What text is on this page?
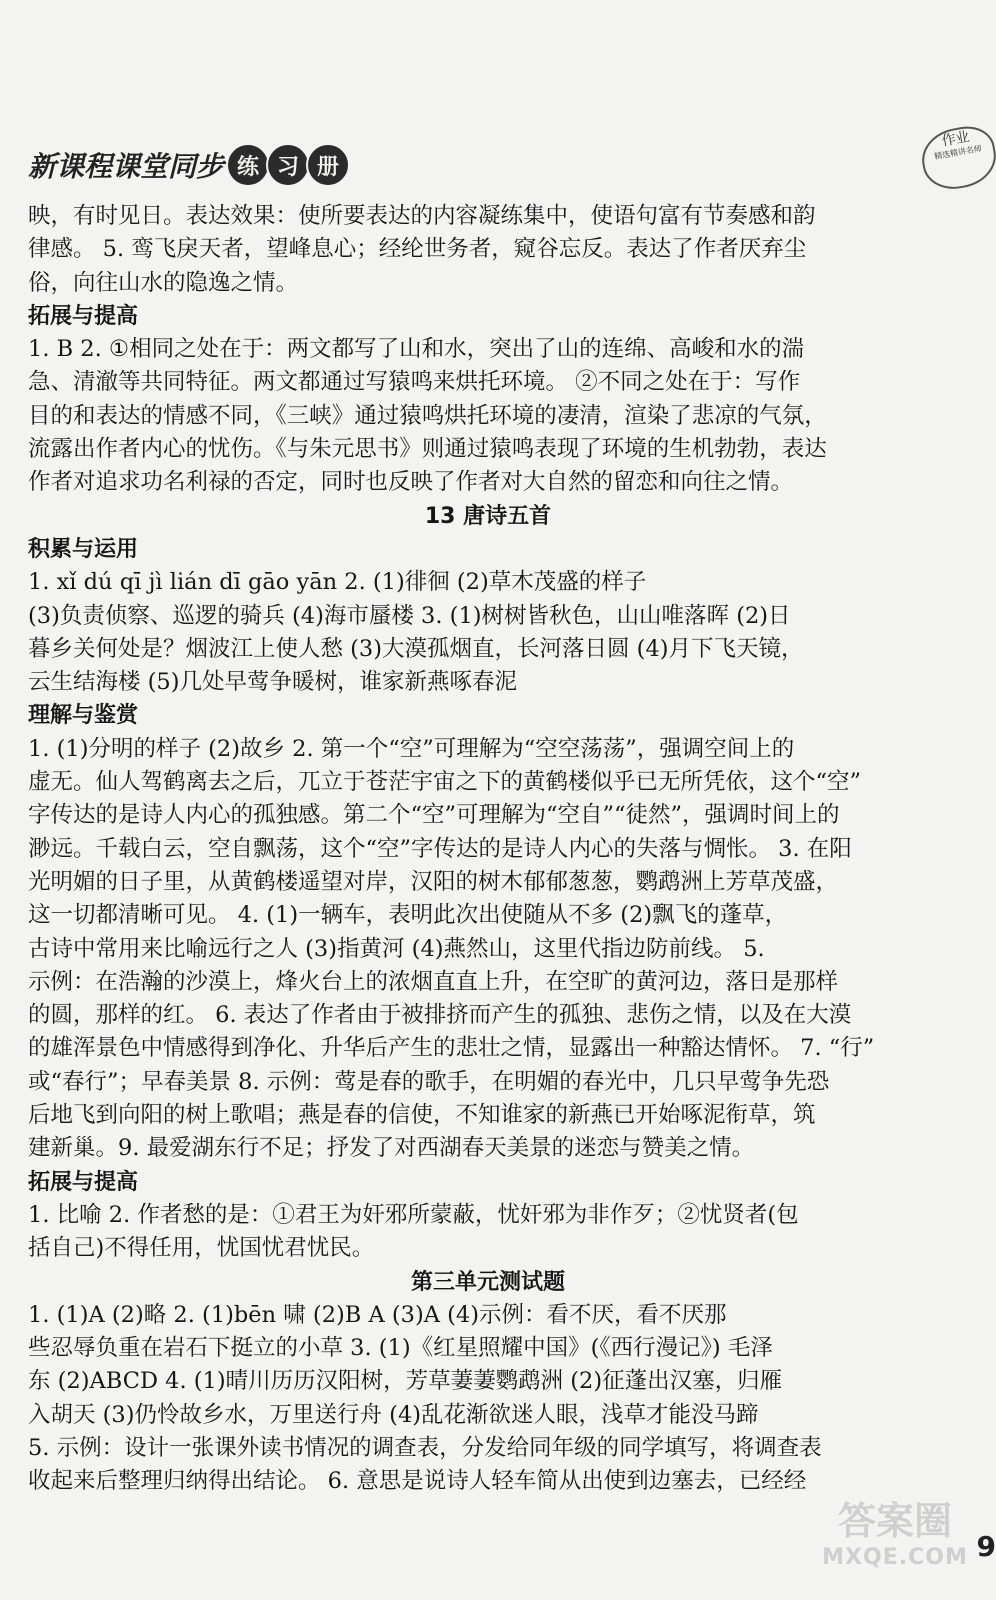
新课程课堂同步 练 习 册
作业
精选精讲名师
映，有时见日。表达效果：使所要表达的内容凝练集中，使语句富有节奏感和韵
律感。 5. 鸾飞戾天者，望峰息心；经纶世务者，窥谷忘反。表达了作者厌弃尘
俗，向往山水的隐逸之情。
拓展与提高
1. B 2. ①相同之处在于：两文都写了山和水，突出了山的连绵、高峻和水的湍
急、清澈等共同特征。两文都通过写猿鸣来烘托环境。 ②不同之处在于：写作
目的和表达的情感不同，《三峡》通过猿鸣烘托环境的凄清，渲染了悲凉的气氛，
流露出作者内心的忧伤。《与朱元思书》则通过猿鸣表现了环境的生机勃勃，表达
作者对追求功名利禄的否定，同时也反映了作者对大自然的留恋和向往之情。
13 唐诗五首
积累与运用
1. xǐ dú qī jì lián dī gāo yān 2. (1)徘徊 (2)草木茂盛的样子
(3)负责侦察、巡逻的骑兵 (4)海市蜃楼 3. (1)树树皆秋色，山山唯落晖 (2)日
暮乡关何处是？烟波江上使人愁 (3)大漠孤烟直，长河落日圆 (4)月下飞天镜，
云生结海楼 (5)几处早莺争暖树，谁家新燕啄春泥
理解与鉴赏
1. (1)分明的样子 (2)故乡 2. 第一个“空”可理解为“空空荡荡”，强调空间上的
虚无。仙人驾鹤离去之后，兀立于苍茫宇宙之下的黄鹤楼似乎已无所凭依，这个“空”
字传达的是诗人内心的孤独感。第二个“空”可理解为“空自”“徒然”，强调时间上的
渺远。千载白云，空自飘荡，这个“空”字传达的是诗人内心的失落与惆怅。 3. 在阳
光明媚的日子里，从黄鹤楼遥望对岸，汉阳的树木郁郁葱葱，鹦鹉洲上芳草茂盛，
这一切都清晰可见。 4. (1)一辆车，表明此次出使随从不多 (2)飘飞的蓬草，
古诗中常用来比喻远行之人 (3)指黄河 (4)燕然山，这里代指边防前线。 5.
示例：在浩瀚的沙漠上，烽火台上的浓烟直直上升，在空旷的黄河边，落日是那样
的圆，那样的红。 6. 表达了作者由于被排挤而产生的孤独、悲伤之情，以及在大漠
的雄浑景色中情感得到净化、升华后产生的悲壮之情，显露出一种豁达情怀。 7. “行”
或“春行”；早春美景 8. 示例：莺是春的歌手，在明媚的春光中，几只早莺争先恐
后地飞到向阳的树上歌唱；燕是春的信使，不知谁家的新燕已开始啄泥衔草，筑
建新巢。9. 最爱湖东行不足；抒发了对西湖春天美景的迷恋与赞美之情。
拓展与提高
1. 比喻 2. 作者愁的是：①君王为奸邪所蒙蔽，忧奸邪为非作歹；②忧贤者(包
括自己)不得任用，忧国忧君忧民。
第三单元测试题
1. (1)A (2)略 2. (1)bēn 啸 (2)B A (3)A (4)示例：看不厌，看不厌那
些忍辱负重在岩石下挺立的小草 3. (1)《红星照耀中国》(《西行漫记》) 毛泽
东 (2)ABCD 4. (1)晴川历历汉阳树，芳草萋萋鹦鹉洲 (2)征蓬出汉塞，归雁
入胡天 (3)仍怜故乡水，万里送行舟 (4)乱花渐欲迷人眼，浅草才能没马蹄
5. 示例：设计一张课外读书情况的调查表，分发给同年级的同学填写，将调查表
收起来后整理归纳得出结论。 6. 意思是说诗人轻车简从出使到边塞去，已经经
答案圈
MXQE.COM 9
